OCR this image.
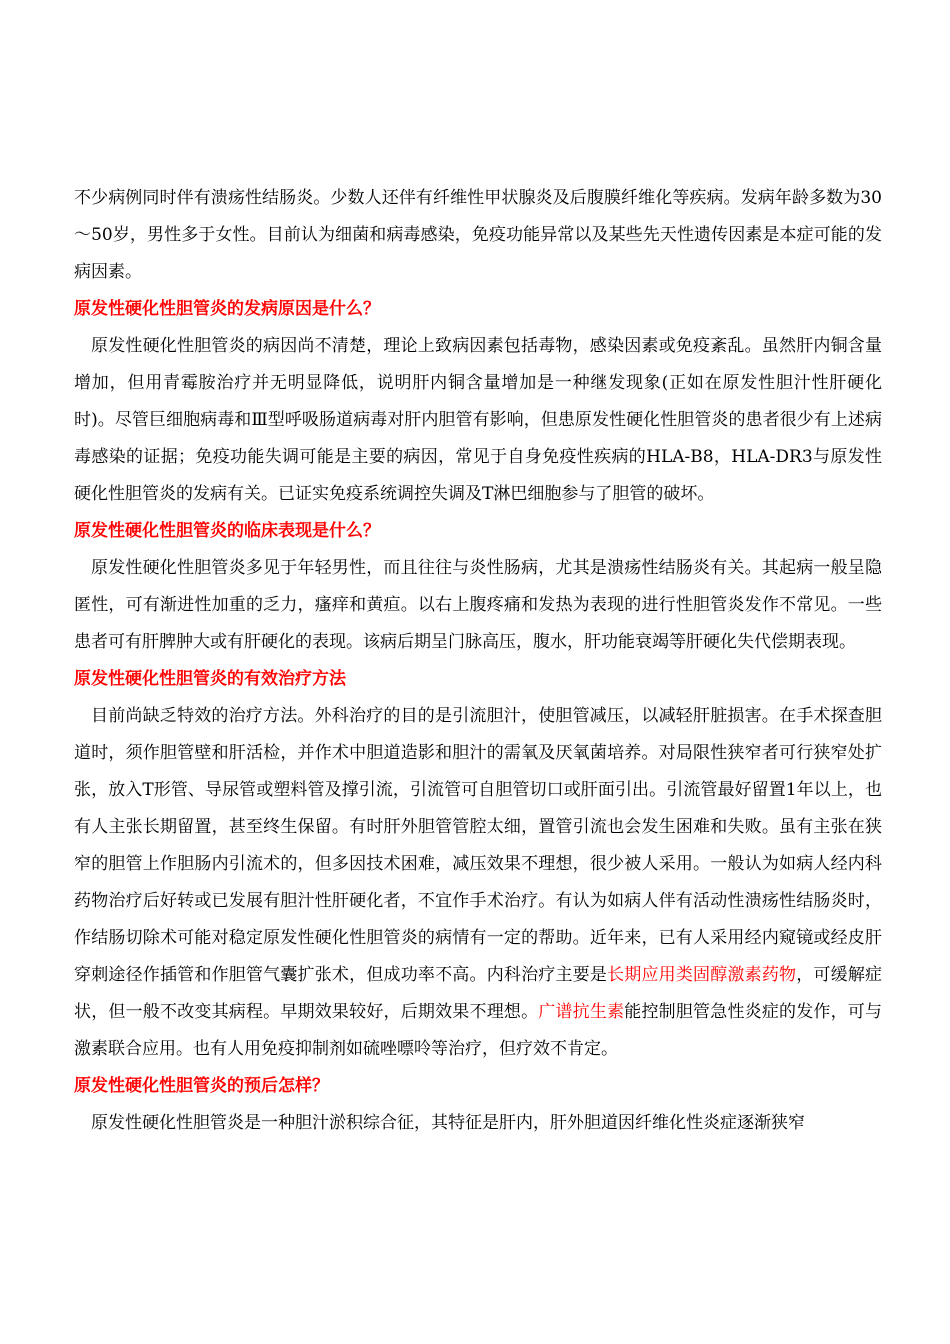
不少病例同时伴有溃疡性结肠炎。少数人还伴有纤维性甲状腺炎及后腹膜纤维化等疾病。发病年龄多数为30～50岁，男性多于女性。目前认为细菌和病毒感染，免疫功能异常以及某些先天性遗传因素是本症可能的发病因素。

原发性硬化性胆管炎的发病原因是什么？

原发性硬化性胆管炎的病因尚不清楚，理论上致病因素包括毒物，感染因素或免疫紊乱。虽然肝内铜含量增加，但用青霉胺治疗并无明显降低，说明肝内铜含量增加是一种继发现象(正如在原发性胆汁性肝硬化时)。尽管巨细胞病毒和Ⅲ型呼吸肠道病毒对肝内胆管有影响，但患原发性硬化性胆管炎的患者很少有上述病毒感染的证据；免疫功能失调可能是主要的病因，常见于自身免疫性疾病的HLA-B8，HLA-DR3与原发性硬化性胆管炎的发病有关。已证实免疫系统调控失调及T淋巴细胞参与了胆管的破坏。

原发性硬化性胆管炎的临床表现是什么？

原发性硬化性胆管炎多见于年轻男性，而且往往与炎性肠病，尤其是溃疡性结肠炎有关。其起病一般呈隐匿性，可有渐进性加重的乏力，瘙痒和黄疸。以右上腹疼痛和发热为表现的进行性胆管炎发作不常见。一些患者可有肝脾肿大或有肝硬化的表现。该病后期呈门脉高压，腹水，肝功能衰竭等肝硬化失代偿期表现。

原发性硬化性胆管炎的有效治疗方法

目前尚缺乏特效的治疗方法。外科治疗的目的是引流胆汁，使胆管减压，以减轻肝脏损害。在手术探查胆道时，须作胆管壁和肝活检，并作术中胆道造影和胆汁的需氧及厌氧菌培养。对局限性狭窄者可行狭窄处扩张，放入T形管、导尿管或塑料管及撑引流，引流管可自胆管切口或肝面引出。引流管最好留置1年以上，也有人主张长期留置，甚至终生保留。有时肝外胆管管腔太细，置管引流也会发生困难和失败。虽有主张在狭窄的胆管上作胆肠内引流术的，但多因技术困难，减压效果不理想，很少被人采用。一般认为如病人经内科药物治疗后好转或已发展有胆汁性肝硬化者，不宜作手术治疗。有认为如病人伴有活动性溃疡性结肠炎时，作结肠切除术可能对稳定原发性硬化性胆管炎的病情有一定的帮助。近年来，已有人采用经内窥镜或经皮肝穿刺途径作插管和作胆管气囊扩张术，但成功率不高。内科治疗主要是长期应用类固醇激素药物，可缓解症状，但一般不改变其病程。早期效果较好，后期效果不理想。广谱抗生素能控制胆管急性炎症的发作，可与激素联合应用。也有人用免疫抑制剂如硫唑嘌呤等治疗，但疗效不肯定。

原发性硬化性胆管炎的预后怎样？

原发性硬化性胆管炎是一种胆汁淤积综合征，其特征是肝内，肝外胆道因纤维化性炎症逐渐狭窄
